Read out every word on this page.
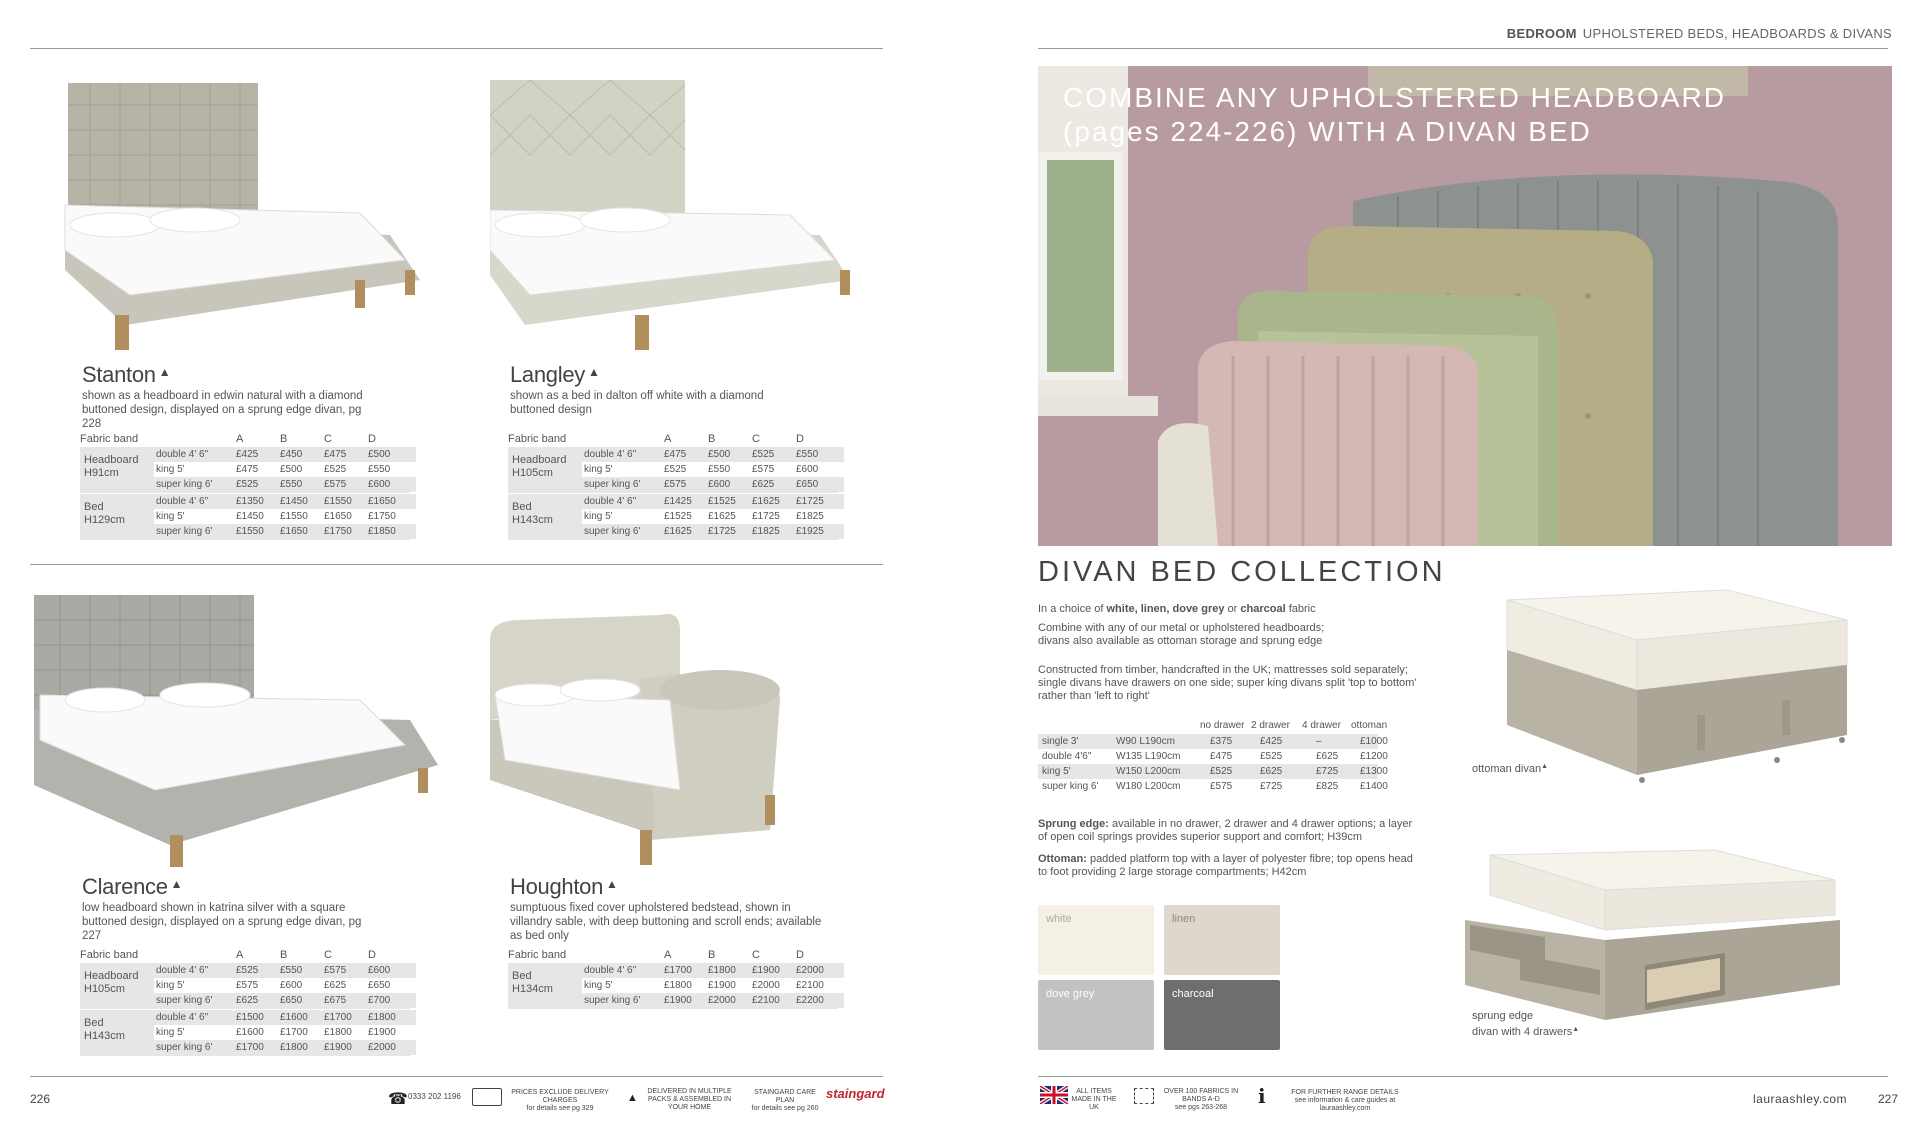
Stanton ▲
shown as a headboard in edwin natural with a diamond buttoned design, displayed on a sprung edge divan, pg 228
Langley ▲
shown as a bed in dalton off white with a diamond buttoned design
Clarence ▲
low headboard shown in katrina silver with a square buttoned design, displayed on a sprung edge divan, pg 227
Houghton ▲
sumptuous fixed cover upholstered bedstead, shown in villandry sable, with deep buttoning and scroll ends; available as bed only
Fabric band	A	B	C	D
Headboard
H91cm
double 4' 6"	£425 £450 £475 £500
king 5'	£475 £500 £525 £550
super king 6' £525 £550 £575 £600
Bed
H129cm
double 4' 6"	£1350 £1450 £1550 £1650
king 5'	£1450 £1550 £1650 £1750
super king 6' £1550 £1650 £1750 £1850
Fabric band	A	B	C	D
Headboard
H105cm
double 4' 6"	£475 £500 £525 £550
king 5'	£525 £550 £575 £600
super king 6' £575 £600 £625 £650
Bed
H143cm
double 4' 6"	£1425 £1525 £1625 £1725
king 5'	£1525 £1625 £1725 £1825
super king 6' £1625 £1725 £1825 £1925
Fabric band	A	B	C	D
Headboard
H105cm
double 4' 6"	£525 £550 £575 £600
king 5'	£575 £600 £625 £650
super king 6' £625 £650 £675 £700
Bed
H143cm
double 4' 6"	£1500 £1600 £1700 £1800
king 5'	£1600 £1700 £1800 £1900
super king 6' £1700 £1800 £1900 £2000
Fabric band	A	B	C	D
Bed
H134cm
double 4' 6"	£1700 £1800 £1900 £2000
king 5'	£1800 £1900 £2000 £2100
super king 6' £1900 £2000 £2100 £2200
226	☎ 0333 202 1196	PRICES EXCLUDE DELIVERY CHARGES
for details see pg 329
▲
DELIVERED IN MULTIPLE PACKS & ASSEMBLED IN YOUR HOME
STAINGARD CARE PLAN
for details see pg 260
staingard
BEDROOM UPHOLSTERED BEDS, HEADBOARDS & DIVANS
COMBINE ANY UPHOLSTERED HEADBOARD
(pages 224-226) WITH A DIVAN BED
DIVAN BED COLLECTION
In a choice of white, linen, dove grey or charcoal fabric
Combine with any of our metal or upholstered headboards; divans also available as ottoman storage and sprung edge
Constructed from timber, handcrafted in the UK; mattresses sold separately; single divans have drawers on one side; super king divans split 'top to bottom' rather than 'left to right'
no drawer 2 drawer 4 drawer ottoman
single 3'	W90 L190cm	£375	£425	–	£1000
double 4'6" W135 L190cm	£475	£525	£625 £1200
king 5'	W150 L200cm	£525	£625	£725 £1300
super king 6' W180 L200cm	£575	£725	£825 £1400
Sprung edge: available in no drawer, 2 drawer and 4 drawer options; a layer of open coil springs provides superior support and comfort; H39cm
Ottoman: padded platform top with a layer of polyester fibre; top opens head to foot providing 2 large storage compartments; H42cm
white	linen
dove grey	charcoal
ottoman divan▲
sprung edge
divan with 4 drawers▲
ALL ITEMS MADE IN THE UK
OVER 100 FABRICS IN BANDS A-D
see pgs 263-268	i	FOR FURTHER RANGE DETAILS
see information & care guides at lauraashley.com
lauraashley.com	227
